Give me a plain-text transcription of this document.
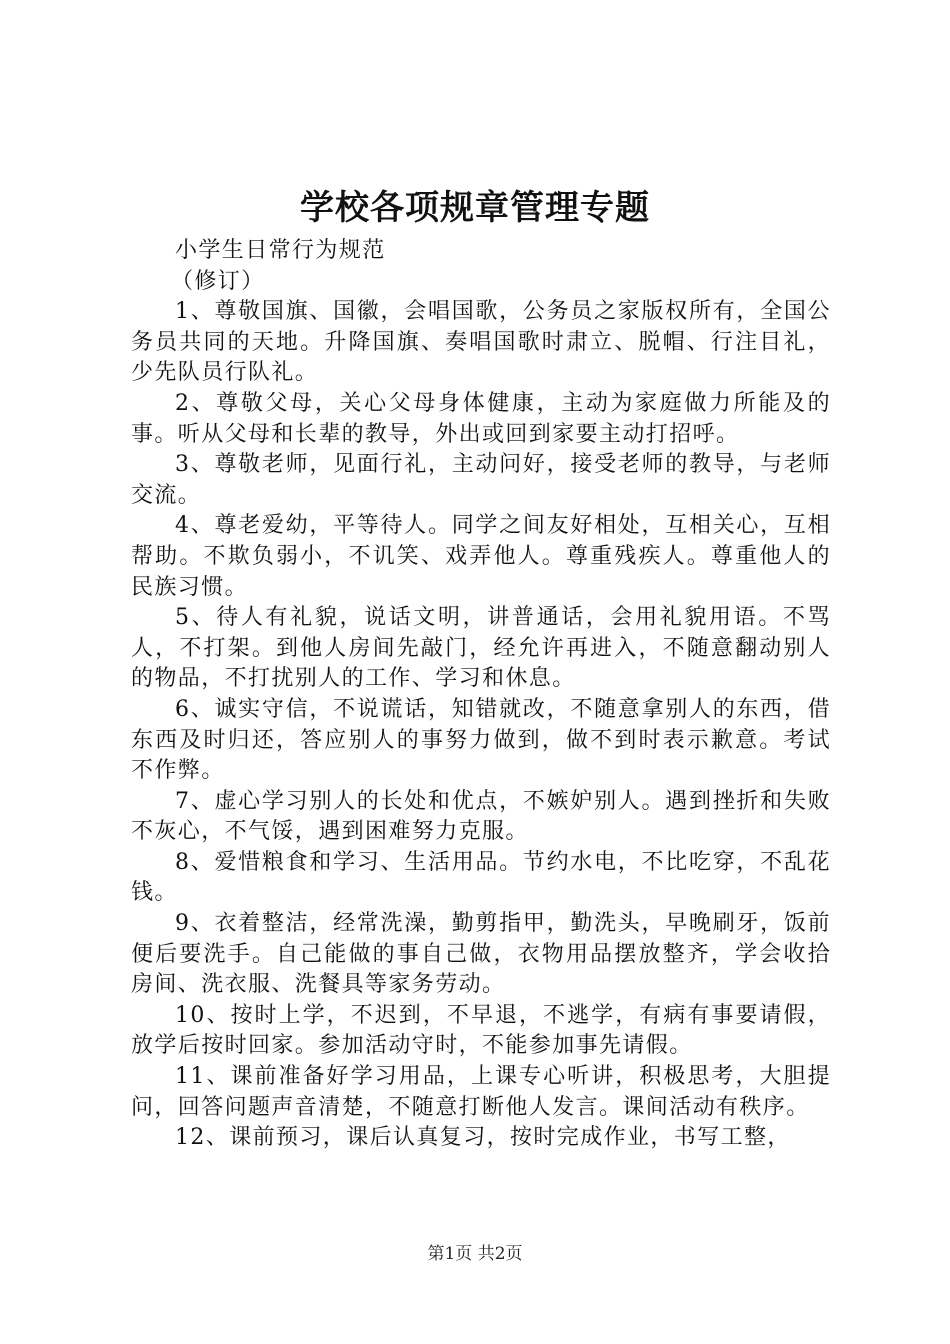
学校各项规章管理专题

小学生日常行为规范

（修订）

1、尊敬国旗、国徽，会唱国歌，公务员之家版权所有，全国公务员共同的天地。升降国旗、奏唱国歌时肃立、脱帽、行注目礼，少先队员行队礼。

2、尊敬父母，关心父母身体健康，主动为家庭做力所能及的事。听从父母和长辈的教导，外出或回到家要主动打招呼。

3、尊敬老师，见面行礼，主动问好，接受老师的教导，与老师交流。

4、尊老爱幼，平等待人。同学之间友好相处，互相关心，互相帮助。不欺负弱小，不讥笑、戏弄他人。尊重残疾人。尊重他人的民族习惯。

5、待人有礼貌，说话文明，讲普通话，会用礼貌用语。不骂人，不打架。到他人房间先敲门，经允许再进入，不随意翻动别人的物品，不打扰别人的工作、学习和休息。

6、诚实守信，不说谎话，知错就改，不随意拿别人的东西，借东西及时归还，答应别人的事努力做到，做不到时表示歉意。考试不作弊。

7、虚心学习别人的长处和优点，不嫉妒别人。遇到挫折和失败不灰心，不气馁，遇到困难努力克服。

8、爱惜粮食和学习、生活用品。节约水电，不比吃穿，不乱花钱。

9、衣着整洁，经常洗澡，勤剪指甲，勤洗头，早晚刷牙，饭前便后要洗手。自己能做的事自己做，衣物用品摆放整齐，学会收拾房间、洗衣服、洗餐具等家务劳动。

10、按时上学，不迟到，不早退，不逃学，有病有事要请假，放学后按时回家。参加活动守时，不能参加事先请假。

11、课前准备好学习用品，上课专心听讲，积极思考，大胆提问，回答问题声音清楚，不随意打断他人发言。课间活动有秩序。

12、课前预习，课后认真复习，按时完成作业，书写工整，

第1页 共2页
